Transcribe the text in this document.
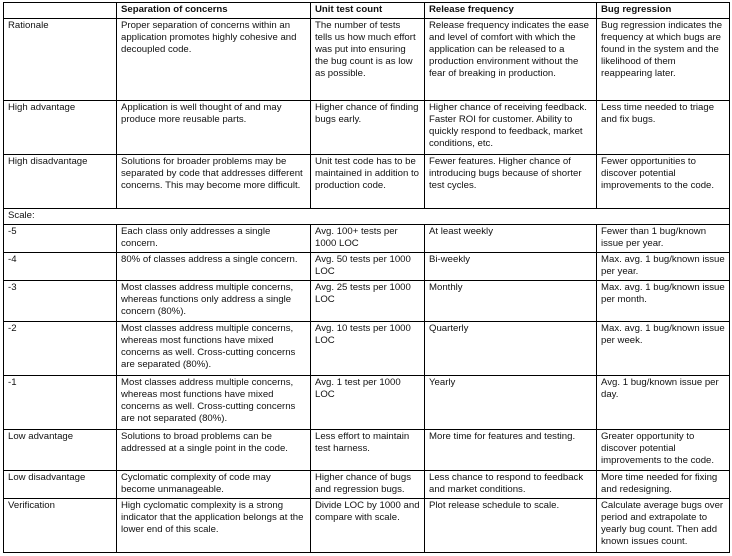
	Separation of concerns	Unit test count	Release frequency	Bug regression
Rationale	Proper separation of concerns within an application promotes highly cohesive and decoupled code.	The number of tests tells us how much effort was put into ensuring the bug count is as low as possible.	Release frequency indicates the ease and level of comfort with which the application can be released to a production environment without the fear of breaking in production.	Bug regression indicates the frequency at which bugs are found in the system and the likelihood of them reappearing later.
High advantage	Application is well thought of and may produce more reusable parts.	Higher chance of finding bugs early.	Higher chance of receiving feedback. Faster ROI for customer. Ability to quickly respond to feedback, market conditions, etc.	Less time needed to triage and fix bugs.
High disadvantage	Solutions for broader problems may be separated by code that addresses different concerns. This may become more difficult.	Unit test code has to be maintained in addition to production code.	Fewer features. Higher chance of introducing bugs because of shorter test cycles.	Fewer opportunities to discover potential improvements to the code.
Scale:				
-5	Each class only addresses a single concern.	Avg. 100+ tests per 1000 LOC	At least weekly	Fewer than 1 bug/known issue per year.
-4	80% of classes address a single concern.	Avg. 50 tests per 1000 LOC	Bi-weekly	Max. avg. 1 bug/known issue per year.
-3	Most classes address multiple concerns, whereas functions only address a single concern (80%).	Avg. 25 tests per 1000 LOC	Monthly	Max. avg. 1 bug/known issue per month.
-2	Most classes address multiple concerns, whereas most functions have mixed concerns as well. Cross-cutting concerns are separated (80%).	Avg. 10 tests per 1000 LOC	Quarterly	Max. avg. 1 bug/known issue per week.
-1	Most classes address multiple concerns, whereas most functions have mixed concerns as well. Cross-cutting concerns are not separated (80%).	Avg. 1 test per 1000 LOC	Yearly	Avg. 1 bug/known issue per day.
Low advantage	Solutions to broad problems can be addressed at a single point in the code.	Less effort to maintain test harness.	More time for features and testing.	Greater opportunity to discover potential improvements to the code.
Low disadvantage	Cyclomatic complexity of code may become unmanageable.	Higher chance of bugs and regression bugs.	Less chance to respond to feedback and market conditions.	More time needed for fixing and redesigning.
Verification	High cyclomatic complexity is a strong indicator that the application belongs at the lower end of this scale.	Divide LOC by 1000 and compare with scale.	Plot release schedule to scale.	Calculate average bugs over period and extrapolate to yearly bug count. Then add known issues count.
